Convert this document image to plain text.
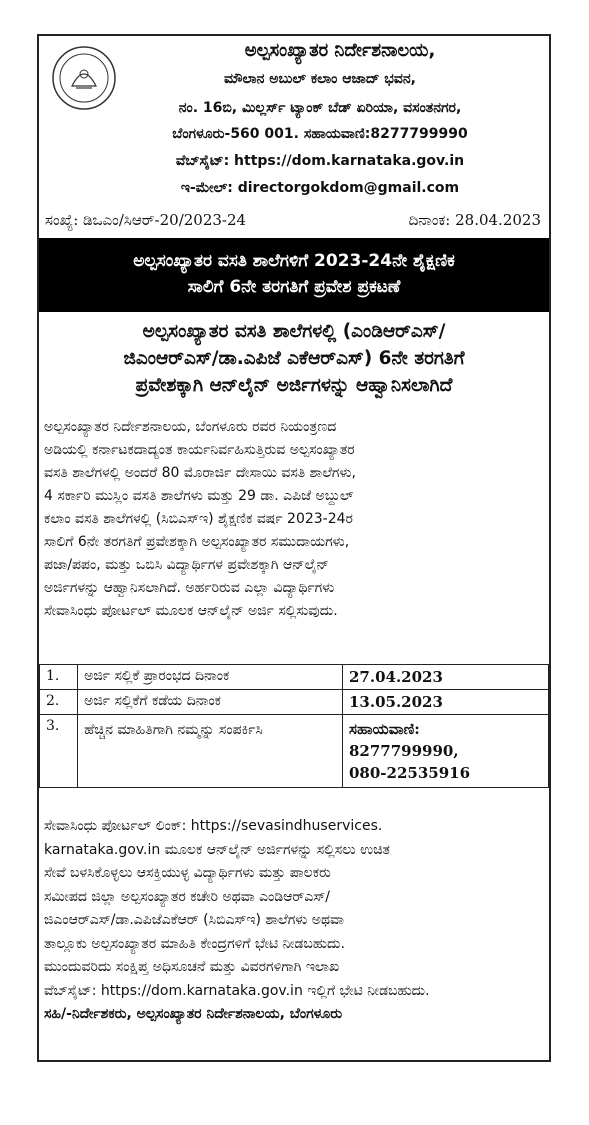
ಅಲ್ಪಸಂಖ್ಯಾತರ ನಿರ್ದೇಶನಾಲಯ,
ಮೌಲಾನ ಅಬುಲ್ ಕಲಾಂ ಆಜಾದ್ ಭವನ,
ನಂ. 16ಬಿ, ಮಿಲ್ಲರ್ಸ್ ಟ್ಯಾಂಕ್ ಬೆಡ್ ಏರಿಯಾ, ವಸಂತನಗರ,
ಬೆಂಗಳೂರು-560 001. ಸಹಾಯವಾಣಿ:8277799990
ವೆಬ್‌ಸೈಟ್: https://dom.karnataka.gov.in
ಇ-ಮೇಲ್: directorgokdom@gmail.com
ಸಂಖ್ಯೆ: ಡಿಒಎಂ/ಸಿಆರ್-20/2023-24	ದಿನಾಂಕ: 28.04.2023
ಅಲ್ಪಸಂಖ್ಯಾತರ ವಸತಿ ಶಾಲೆಗಳಿಗೆ 2023-24ನೇ ಶೈಕ್ಷಣಿಕ
ಸಾಲಿಗೆ 6ನೇ ತರಗತಿಗೆ ಪ್ರವೇಶ ಪ್ರಕಟಣೆ
ಅಲ್ಪಸಂಖ್ಯಾತರ ವಸತಿ ಶಾಲೆಗಳಲ್ಲಿ (ಎಂಡಿಆರ್‌ಎಸ್/
ಜಿಎಂಆರ್‌ಎಸ್/ಡಾ.ಎಪಿಜೆ ಎಕೆಆರ್‌ಎಸ್) 6ನೇ ತರಗತಿಗೆ
ಪ್ರವೇಶಕ್ಕಾಗಿ ಆನ್‌ಲೈನ್ ಅರ್ಜಿಗಳನ್ನು ಆಹ್ವಾನಿಸಲಾಗಿದೆ
ಅಲ್ಪಸಂಖ್ಯಾತರ ನಿರ್ದೇಶನಾಲಯ, ಬೆಂಗಳೂರು ರವರ ನಿಯಂತ್ರಣದ
ಅಡಿಯಲ್ಲಿ ಕರ್ನಾಟಕದಾದ್ಯಂತ ಕಾರ್ಯನಿರ್ವಹಿಸುತ್ತಿರುವ ಅಲ್ಪಸಂಖ್ಯಾತರ
ವಸತಿ ಶಾಲೆಗಳಲ್ಲಿ ಅಂದರೆ 80 ಮೊರಾರ್ಜಿ ದೇಸಾಯಿ ವಸತಿ ಶಾಲೆಗಳು,
4 ಸರ್ಕಾರಿ ಮುಸ್ಲಿಂ ವಸತಿ ಶಾಲೆಗಳು ಮತ್ತು 29 ಡಾ. ಎಪಿಜೆ ಅಬ್ದುಲ್
ಕಲಾಂ ವಸತಿ ಶಾಲೆಗಳಲ್ಲಿ (ಸಿಬಿಎಸ್‌ಇ) ಶೈಕ್ಷಣಿಕ ವರ್ಷ 2023-24ರ
ಸಾಲಿಗೆ 6ನೇ ತರಗತಿಗೆ ಪ್ರವೇಶಕ್ಕಾಗಿ ಅಲ್ಪಸಂಖ್ಯಾತರ ಸಮುದಾಯಗಳು,
ಪಜಾ/ಪಪಂ, ಮತ್ತು ಒಬಿಸಿ ವಿದ್ಯಾರ್ಥಿಗಳ ಪ್ರವೇಶಕ್ಕಾಗಿ ಆನ್‌ಲೈನ್
ಅರ್ಜಿಗಳನ್ನು ಆಹ್ವಾನಿಸಲಾಗಿದೆ. ಅರ್ಹರಿರುವ ಎಲ್ಲಾ ವಿದ್ಯಾರ್ಥಿಗಳು
ಸೇವಾಸಿಂಧು ಪೋರ್ಟಲ್ ಮೂಲಕ ಆನ್‌ಲೈನ್ ಅರ್ಜಿ ಸಲ್ಲಿಸುವುದು.
1.	ಅರ್ಜಿ ಸಲ್ಲಿಕೆ ಪ್ರಾರಂಭದ ದಿನಾಂಕ	27.04.2023
2.	ಅರ್ಜಿ ಸಲ್ಲಿಕೆಗೆ ಕಡೆಯ ದಿನಾಂಕ	13.05.2023
3.	ಹೆಚ್ಚಿನ ಮಾಹಿತಿಗಾಗಿ ನಮ್ಮನ್ನು ಸಂಪರ್ಕಿಸಿ	ಸಹಾಯವಾಣಿ:
8277799990,
080-22535916
ಸೇವಾಸಿಂಧು ಪೋರ್ಟಲ್ ಲಿಂಕ್: https://sevasindhuservices.
karnataka.gov.in ಮೂಲಕ ಆನ್‌ಲೈನ್ ಅರ್ಜಿಗಳನ್ನು ಸಲ್ಲಿಸಲು ಉಚಿತ
ಸೇವೆ ಬಳಸಿಕೊಳ್ಳಲು ಆಸಕ್ತಿಯುಳ್ಳ ವಿದ್ಯಾರ್ಥಿಗಳು ಮತ್ತು ಪಾಲಕರು
ಸಮೀಪದ ಜಿಲ್ಲಾ ಅಲ್ಪಸಂಖ್ಯಾತರ ಕಚೇರಿ ಅಥವಾ ಎಂಡಿಆರ್‌ಎಸ್/
ಜಿಎಂಆರ್‌ಎಸ್/ಡಾ.ಎಪಿಜೆಎಕೆಆರ್ (ಸಿಬಿಎಸ್‌ಇ) ಶಾಲೆಗಳು ಅಥವಾ
ತಾಲ್ಲೂಕು ಅಲ್ಪಸಂಖ್ಯಾತರ ಮಾಹಿತಿ ಕೇಂದ್ರಗಳಿಗೆ ಭೇಟಿ ನೀಡಬಹುದು.
ಮುಂದುವರಿದು ಸಂಕ್ಷಿಪ್ತ ಅಧಿಸೂಚನೆ ಮತ್ತು ವಿವರಗಳಿಗಾಗಿ ಇಲಾಖ
ವೆಬ್‌ಸೈಟ್: https://dom.karnataka.gov.in ಇಲ್ಲಿಗೆ ಭೇಟಿ ನೀಡಬಹುದು.
ಸಹಿ/-ನಿರ್ದೇಶಕರು, ಅಲ್ಪಸಂಖ್ಯಾತರ ನಿರ್ದೇಶನಾಲಯ, ಬೆಂಗಳೂರು
